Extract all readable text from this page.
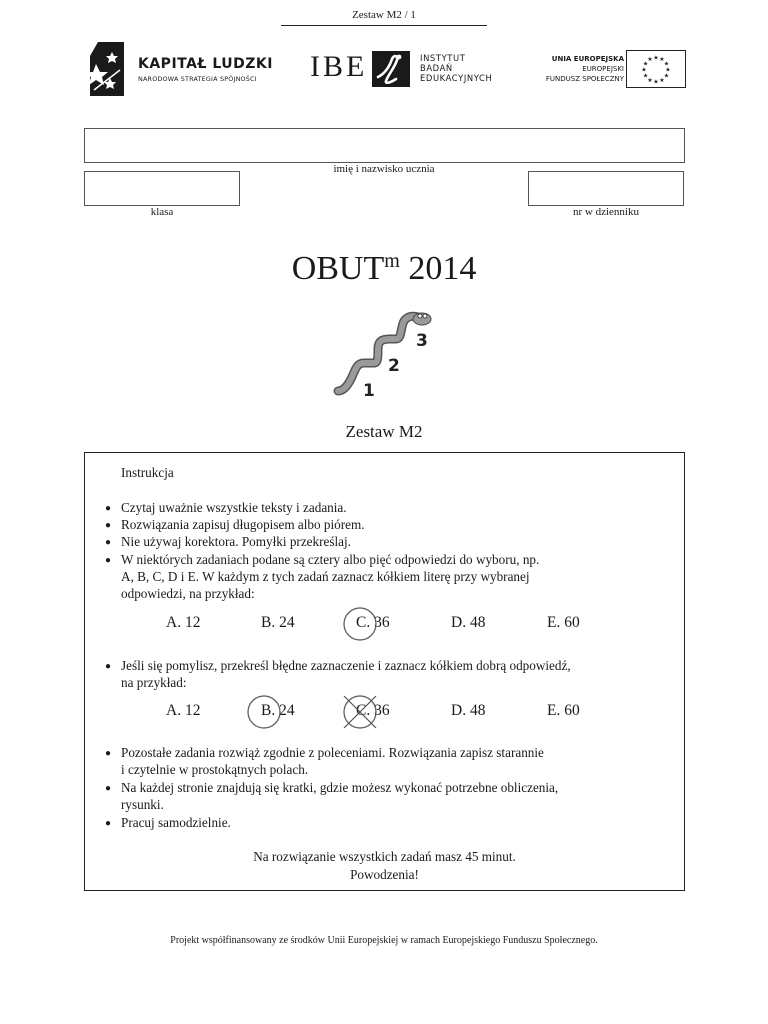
Zestaw M2 / 1
KAPITAŁ LUDZKI
NARODOWA STRATEGIA SPÓJNOŚCI IBE	INSTYTUT
BADAŃ
EDUKACYJNYCH
UNIA EUROPEJSKA
EUROPEJSKI
FUNDUSZ SPOŁECZNY
★
★
★
★
★
★
★
★
★ ★ ★
★
imię i nazwisko ucznia
klasa	nr w dzienniku
OBUT$^m$ 2014
1
2
3
Zestaw M2
Instrukcja
● Czytaj uważnie wszystkie teksty i zadania.
● Rozwiązania zapisuj długopisem albo piórem.
● Nie używaj korektora. Pomyłki przekreślaj.
● W niektórych zadaniach podane są cztery albo pięć odpowiedzi do wyboru, np.
A, B, C, D i E. W każdym z tych zadań zaznacz kółkiem literę przy wybranej
odpowiedzi, na przykład:
A. 12	B. 24	C. 36	D. 48	E. 60
● Jeśli się pomylisz, przekreśl błędne zaznaczenie i zaznacz kółkiem dobrą odpowiedź,
na przykład:
A. 12	B. 24	C. 36	D. 48	E. 60
● Pozostałe zadania rozwiąż zgodnie z poleceniami. Rozwiązania zapisz starannie
i czytelnie w prostokątnych polach.
● Na każdej stronie znajdują się kratki, gdzie możesz wykonać potrzebne obliczenia,
rysunki.
● Pracuj samodzielnie.
Na rozwiązanie wszystkich zadań masz 45 minut.
Powodzenia!
Projekt współfinansowany ze środków Unii Europejskiej w ramach Europejskiego Funduszu Społecznego.
